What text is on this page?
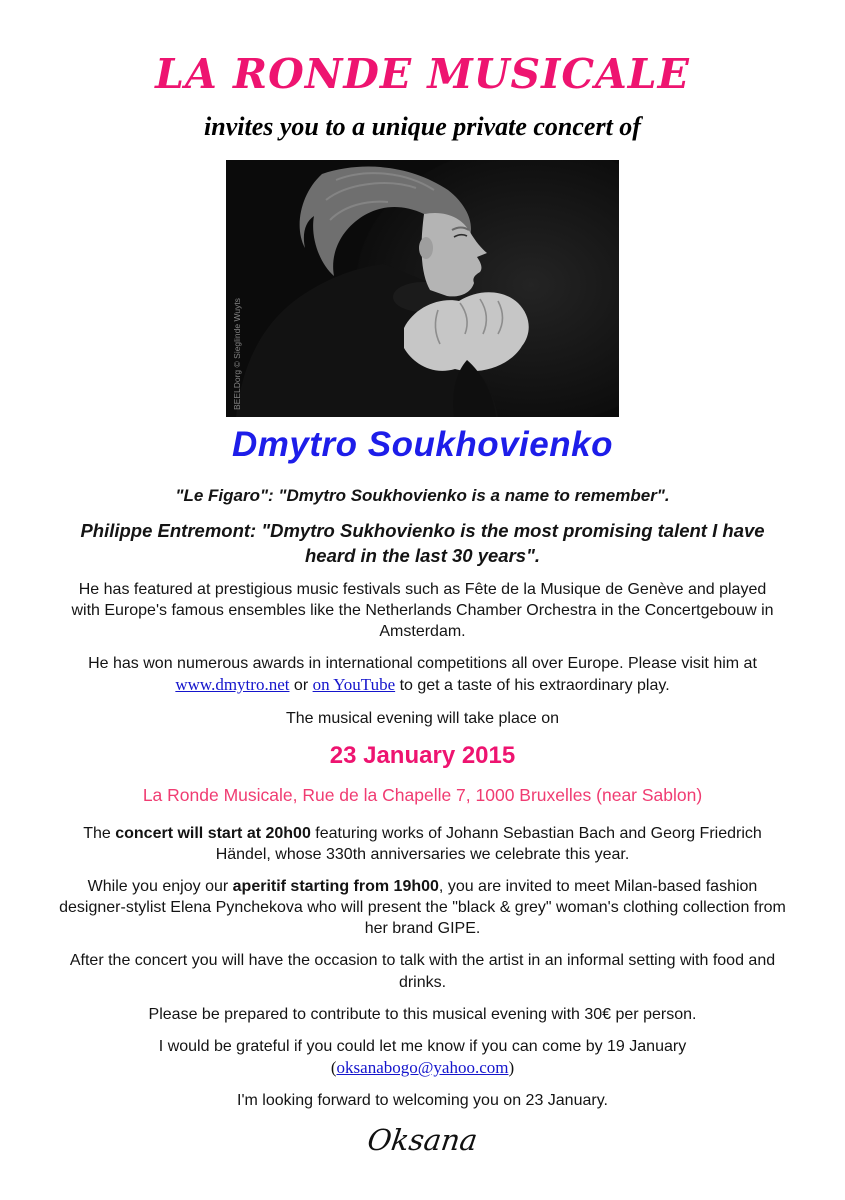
LA RONDE MUSICALE
invites you to a unique private concert of
BEELDorg © Sieglinde Wuyts
Dmytro Soukhovienko

"Le Figaro": "Dmytro Soukhovienko is a name to remember".

Philippe Entremont: "Dmytro Sukhovienko is the most promising talent I have heard in the last 30 years".

He has featured at prestigious music festivals such as Fête de la Musique de Genève and played with Europe's famous ensembles like the Netherlands Chamber Orchestra in the Concertgebouw in Amsterdam.

He has won numerous awards in international competitions all over Europe. Please visit him at www.dmytro.net or on YouTube to get a taste of his extraordinary play.

The musical evening will take place on

23 January 2015
La Ronde Musicale, Rue de la Chapelle 7, 1000 Bruxelles (near Sablon)

The concert will start at 20h00 featuring works of Johann Sebastian Bach and Georg Friedrich Händel, whose 330th anniversaries we celebrate this year.

While you enjoy our aperitif starting from 19h00, you are invited to meet Milan-based fashion designer-stylist Elena Pynchekova who will present the "black & grey" woman's clothing collection from her brand GIPE.

After the concert you will have the occasion to talk with the artist in an informal setting with food and drinks.

Please be prepared to contribute to this musical evening with 30€ per person.

I would be grateful if you could let me know if you can come by 19 January (oksanabogo@yahoo.com)

I'm looking forward to welcoming you on 23 January.

Oksana
